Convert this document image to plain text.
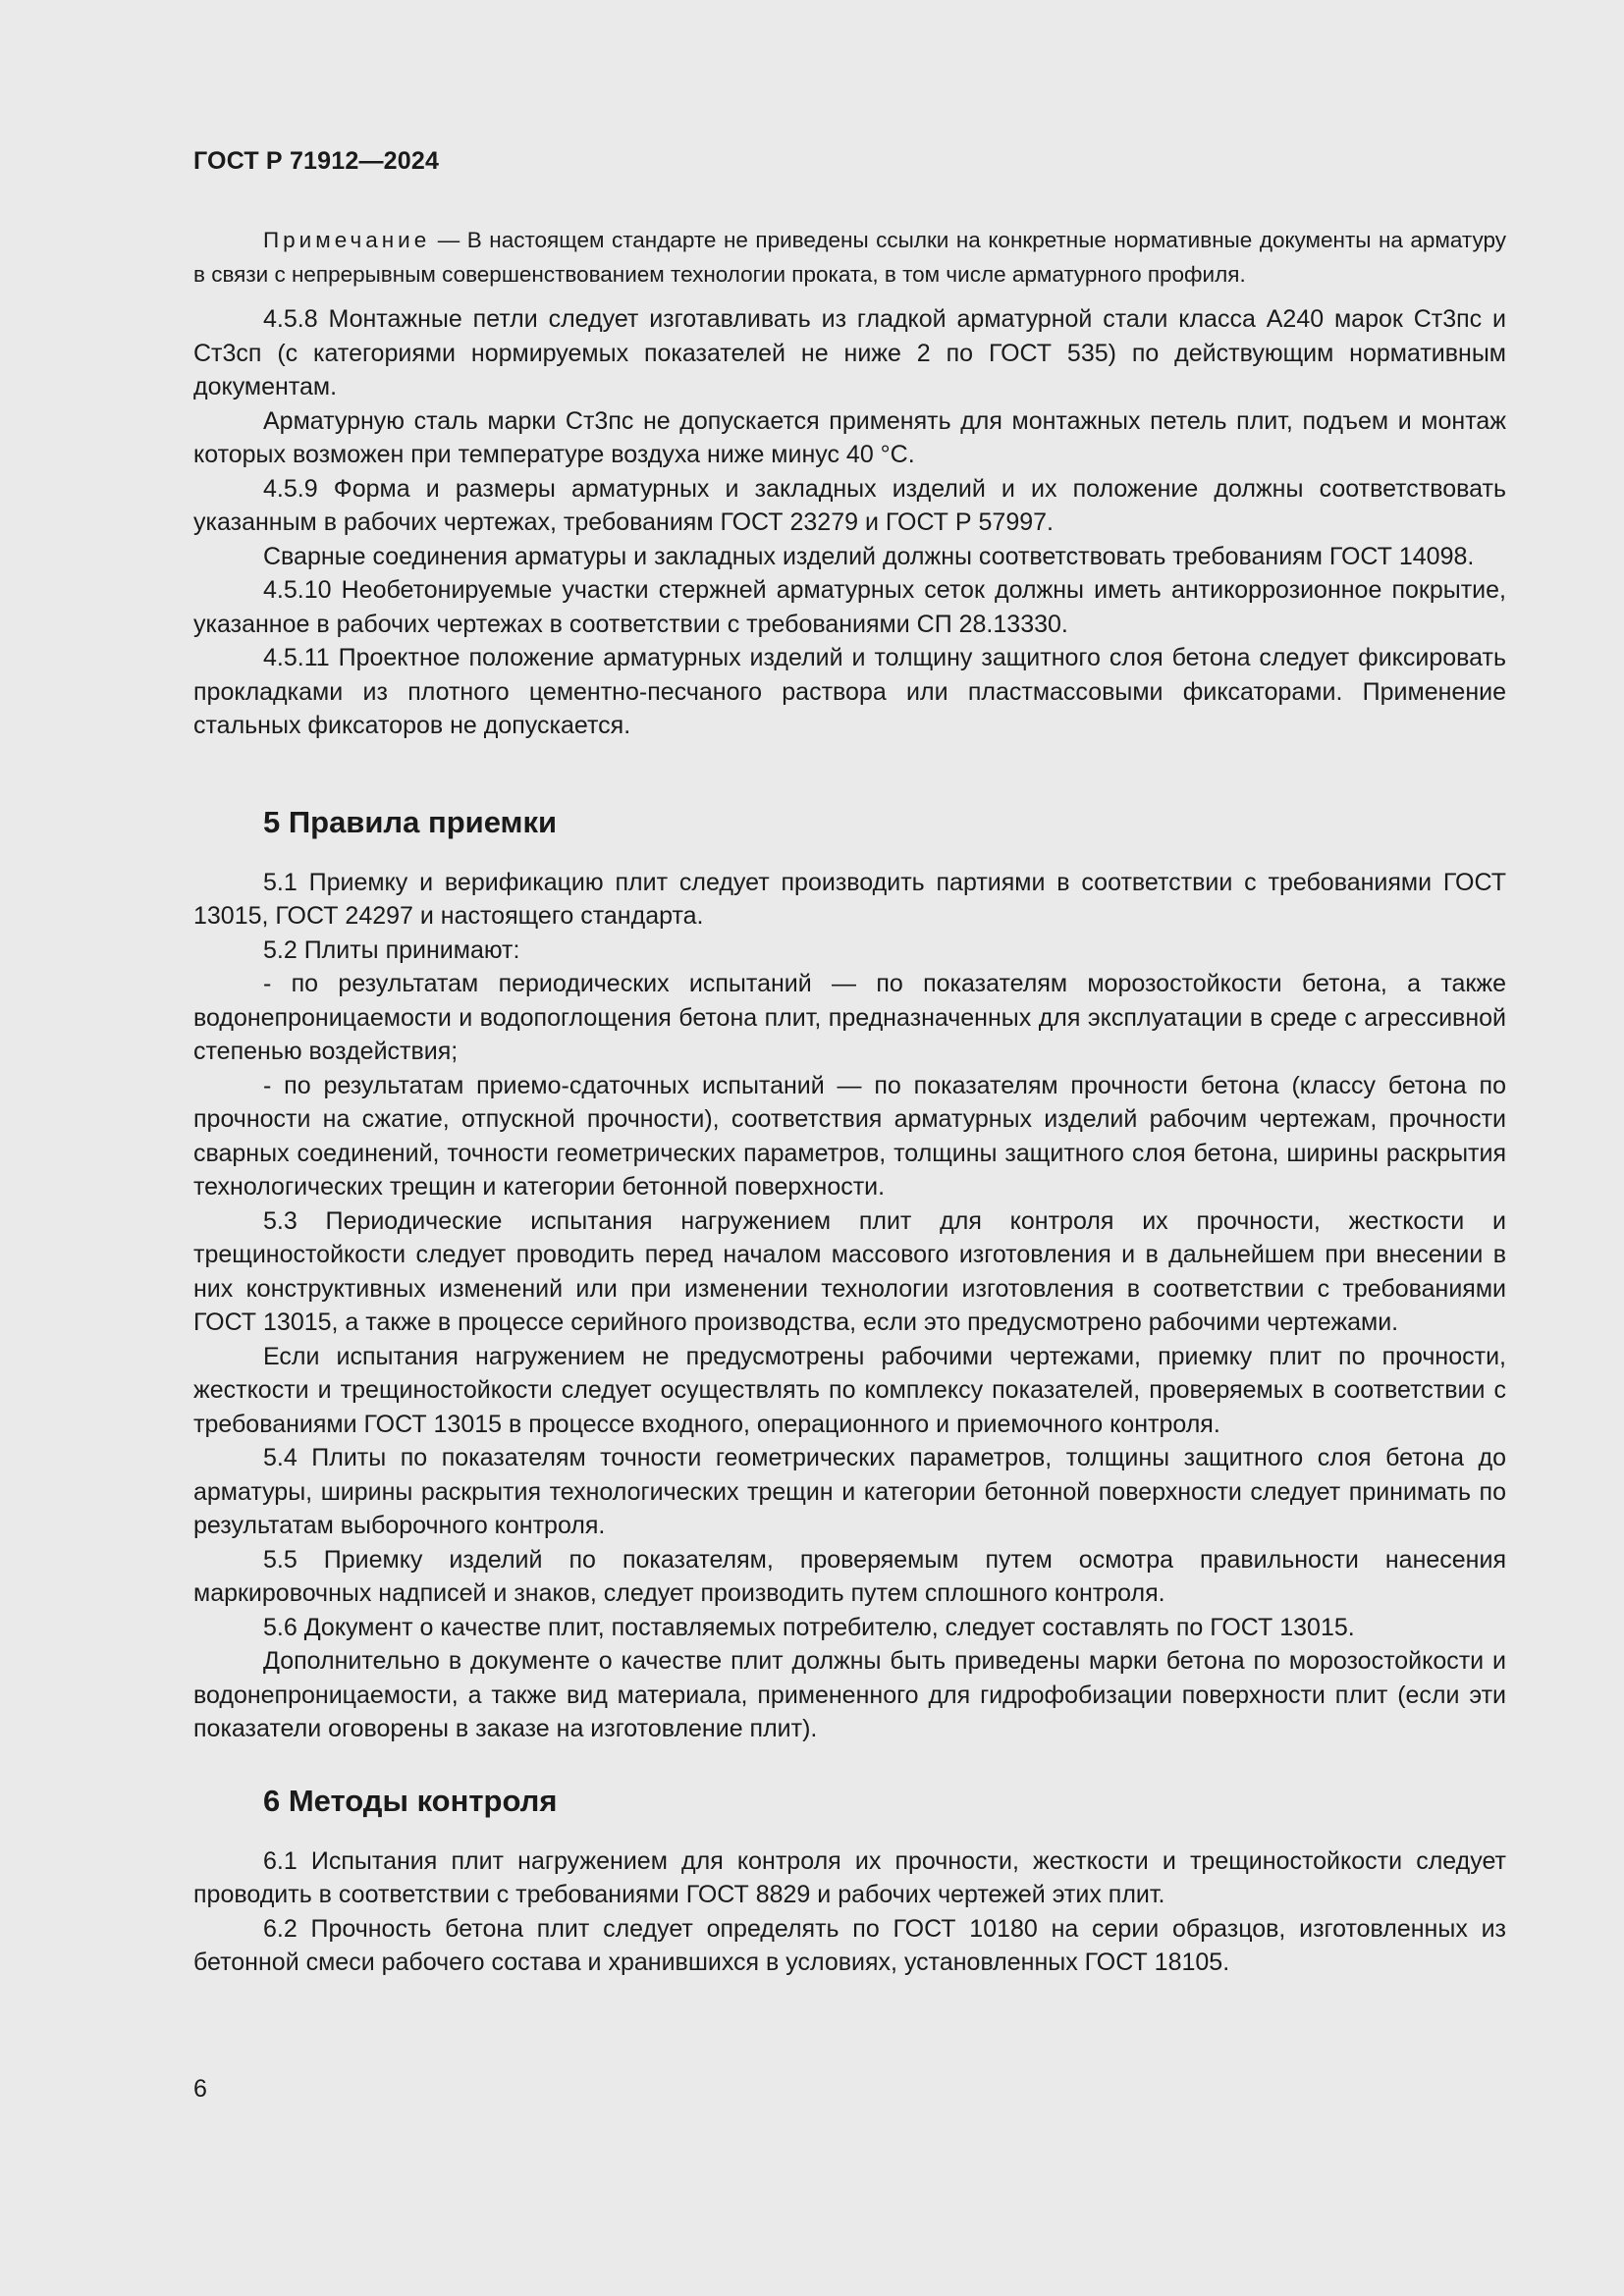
ГОСТ Р 71912—2024

Примечание — В настоящем стандарте не приведены ссылки на конкретные нормативные документы на арматуру в связи с непрерывным совершенствованием технологии проката, в том числе арматурного профиля.

4.5.8 Монтажные петли следует изготавливать из гладкой арматурной стали класса А240 марок Ст3пс и Ст3сп (с категориями нормируемых показателей не ниже 2 по ГОСТ 535) по действующим нормативным документам.

Арматурную сталь марки Ст3пс не допускается применять для монтажных петель плит, подъем и монтаж которых возможен при температуре воздуха ниже минус 40 °С.

4.5.9 Форма и размеры арматурных и закладных изделий и их положение должны соответствовать указанным в рабочих чертежах, требованиям ГОСТ 23279 и ГОСТ Р 57997.

Сварные соединения арматуры и закладных изделий должны соответствовать требованиям ГОСТ 14098.

4.5.10 Необетонируемые участки стержней арматурных сеток должны иметь антикоррозионное покрытие, указанное в рабочих чертежах в соответствии с требованиями СП 28.13330.

4.5.11 Проектное положение арматурных изделий и толщину защитного слоя бетона следует фиксировать прокладками из плотного цементно-песчаного раствора или пластмассовыми фиксаторами. Применение стальных фиксаторов не допускается.

5 Правила приемки

5.1 Приемку и верификацию плит следует производить партиями в соответствии с требованиями ГОСТ 13015, ГОСТ 24297 и настоящего стандарта.

5.2 Плиты принимают:

- по результатам периодических испытаний — по показателям морозостойкости бетона, а также водонепроницаемости и водопоглощения бетона плит, предназначенных для эксплуатации в среде с агрессивной степенью воздействия;

- по результатам приемо-сдаточных испытаний — по показателям прочности бетона (классу бетона по прочности на сжатие, отпускной прочности), соответствия арматурных изделий рабочим чертежам, прочности сварных соединений, точности геометрических параметров, толщины защитного слоя бетона, ширины раскрытия технологических трещин и категории бетонной поверхности.

5.3 Периодические испытания нагружением плит для контроля их прочности, жесткости и трещиностойкости следует проводить перед началом массового изготовления и в дальнейшем при внесении в них конструктивных изменений или при изменении технологии изготовления в соответствии с требованиями ГОСТ 13015, а также в процессе серийного производства, если это предусмотрено рабочими чертежами.

Если испытания нагружением не предусмотрены рабочими чертежами, приемку плит по прочности, жесткости и трещиностойкости следует осуществлять по комплексу показателей, проверяемых в соответствии с требованиями ГОСТ 13015 в процессе входного, операционного и приемочного контроля.

5.4 Плиты по показателям точности геометрических параметров, толщины защитного слоя бетона до арматуры, ширины раскрытия технологических трещин и категории бетонной поверхности следует принимать по результатам выборочного контроля.

5.5 Приемку изделий по показателям, проверяемым путем осмотра правильности нанесения маркировочных надписей и знаков, следует производить путем сплошного контроля.

5.6 Документ о качестве плит, поставляемых потребителю, следует составлять по ГОСТ 13015.

Дополнительно в документе о качестве плит должны быть приведены марки бетона по морозостойкости и водонепроницаемости, а также вид материала, примененного для гидрофобизации поверхности плит (если эти показатели оговорены в заказе на изготовление плит).

6 Методы контроля

6.1 Испытания плит нагружением для контроля их прочности, жесткости и трещиностойкости следует проводить в соответствии с требованиями ГОСТ 8829 и рабочих чертежей этих плит.

6.2 Прочность бетона плит следует определять по ГОСТ 10180 на серии образцов, изготовленных из бетонной смеси рабочего состава и хранившихся в условиях, установленных ГОСТ 18105.

6
